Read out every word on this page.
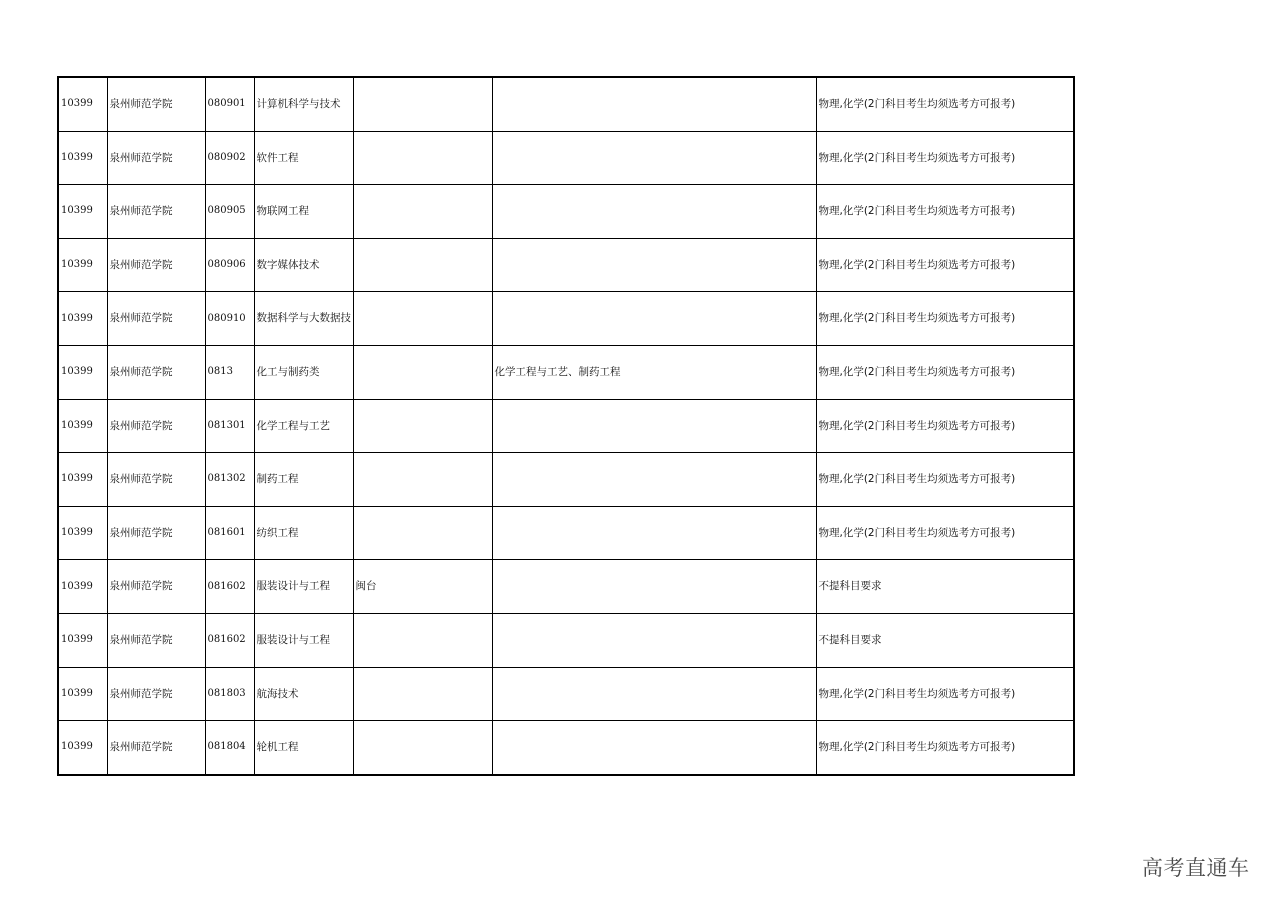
10399	泉州师范学院	080901	计算机科学与技术			物理,化学(2门科目考生均须选考方可报考)
10399	泉州师范学院	080902	软件工程			物理,化学(2门科目考生均须选考方可报考)
10399	泉州师范学院	080905	物联网工程			物理,化学(2门科目考生均须选考方可报考)
10399	泉州师范学院	080906	数字媒体技术			物理,化学(2门科目考生均须选考方可报考)
10399	泉州师范学院	080910	数据科学与大数据技			物理,化学(2门科目考生均须选考方可报考)
10399	泉州师范学院	0813	化工与制药类		化学工程与工艺、制药工程	物理,化学(2门科目考生均须选考方可报考)
10399	泉州师范学院	081301	化学工程与工艺			物理,化学(2门科目考生均须选考方可报考)
10399	泉州师范学院	081302	制药工程			物理,化学(2门科目考生均须选考方可报考)
10399	泉州师范学院	081601	纺织工程			物理,化学(2门科目考生均须选考方可报考)
10399	泉州师范学院	081602	服装设计与工程	闽台		不提科目要求
10399	泉州师范学院	081602	服装设计与工程			不提科目要求
10399	泉州师范学院	081803	航海技术			物理,化学(2门科目考生均须选考方可报考)
10399	泉州师范学院	081804	轮机工程			物理,化学(2门科目考生均须选考方可报考)
高考直通车
